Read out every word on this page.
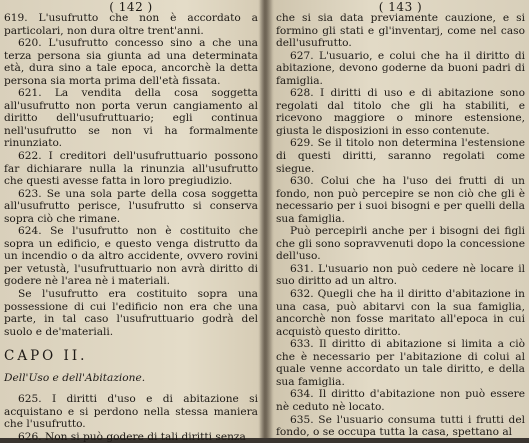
( 142 )

619. L'usufrutto che non è accordato a particolari, non dura oltre trent'anni.

620. L'usufrutto concesso sino a che una terza persona sia giunta ad una determinata età, dura sino a tale epoca, ancorchè la detta persona sia morta prima dell'età fissata.

621. La vendita della cosa soggetta all'usufrutto non porta verun cangiamento al diritto dell'usufruttuario; egli continua nell'usufrutto se non vi ha formalmente rinunziato.

622. I creditori dell'usufruttuario possono far dichiarare nulla la rinunzia all'usufrutto che questi avesse fatta in loro pregiudizio.

623. Se una sola parte della cosa soggetta all'usufrutto perisce, l'usufrutto si conserva sopra ciò che rimane.

624. Se l'usufrutto non è costituito che sopra un edificio, e questo venga distrutto da un incendio o da altro accidente, ovvero rovini per vetustà, l'usufruttuario non avrà diritto di godere nè l'area nè i materiali.

Se l'usufrutto era costituito sopra una possessione di cui l'edificio non era che una parte, in tal caso l'usufruttuario godrà del suolo e de'materiali.

CAPO II.
Dell'Uso e dell'Abitazione.

625. I diritti d'uso e di abitazione si acquistano e si perdono nella stessa maniera che l'usufrutto.

626. Non si può godere di tali diritti senza

( 143 )

che si sia data previamente cauzione, e si formino gli stati e gl'inventarj, come nel caso dell'usufrutto.

627. L'usuario, e colui che ha il diritto di abitazione, devono goderne da buoni padri di famiglia.

628. I diritti di uso e di abitazione sono regolati dal titolo che gli ha stabiliti, e ricevono maggiore o minore estensione, giusta le disposizioni in esso contenute.

629. Se il titolo non determina l'estensione di questi diritti, saranno regolati come siegue.

630. Colui che ha l'uso dei frutti di un fondo, non può percepire se non ciò che gli è necessario per i suoi bisogni e per quelli della sua famiglia.

Può percepirli anche per i bisogni dei figli che gli sono sopravvenuti dopo la concessione dell'uso.

631. L'usuario non può cedere nè locare il suo diritto ad un altro.

632. Quegli che ha il diritto d'abitazione in una casa, può abitarvi con la sua famiglia, ancorchè non fosse maritato all'epoca in cui acquistò questo diritto.

633. Il diritto di abitazione si limita a ciò che è necessario per l'abitazione di colui al quale venne accordato un tale diritto, e della sua famiglia.

634. Il diritto d'abitazione non può essere nè ceduto nè locato.

635. Se l'usuario consuma tutti i frutti del fondo, o se occupa tutta la casa, spettano al
